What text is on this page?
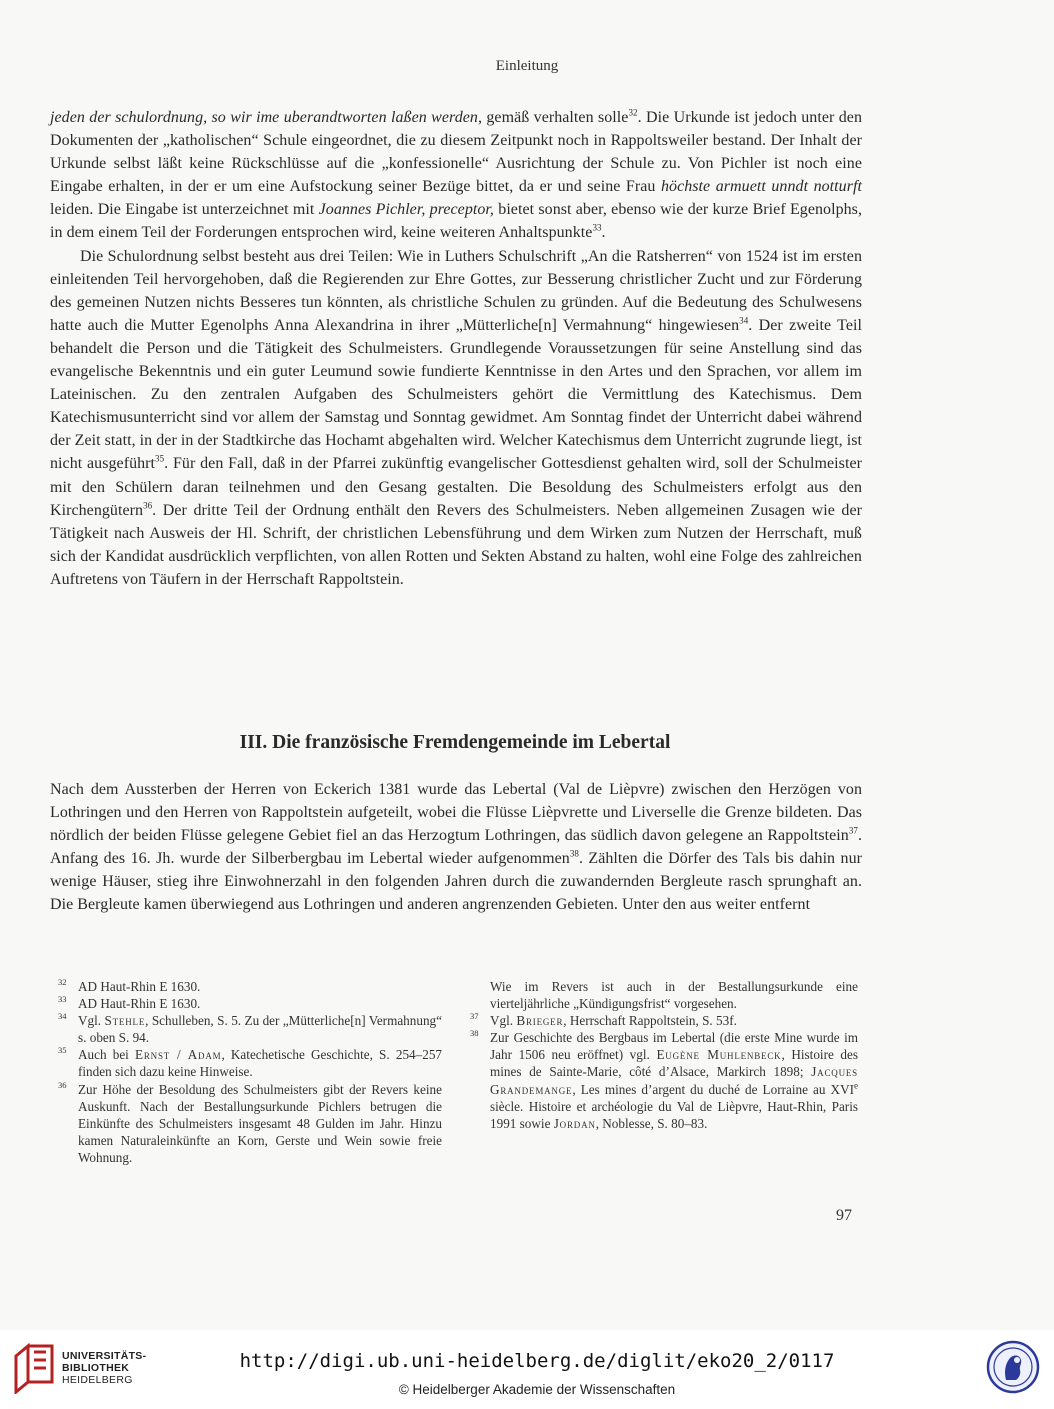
Einleitung

jeden der schulordnung, so wir ime uberandtworten laßen werden, gemäß verhalten solle$^{32}$. Die Urkunde ist jedoch unter den Dokumenten der „katholischen“ Schule eingeordnet, die zu diesem Zeitpunkt noch in Rappoltsweiler bestand. Der Inhalt der Urkunde selbst läßt keine Rückschlüsse auf die „konfessionelle“ Ausrichtung der Schule zu. Von Pichler ist noch eine Eingabe erhalten, in der er um eine Aufstockung seiner Bezüge bittet, da er und seine Frau höchste armuett unndt notturft leiden. Die Eingabe ist unterzeichnet mit Joannes Pichler, preceptor, bietet sonst aber, ebenso wie der kurze Brief Egenolphs, in dem einem Teil der Forderungen entsprochen wird, keine weiteren Anhaltspunkte$^{33}$.

Die Schulordnung selbst besteht aus drei Teilen: Wie in Luthers Schulschrift „An die Ratsherren“ von 1524 ist im ersten einleitenden Teil hervorgehoben, daß die Regierenden zur Ehre Gottes, zur Besserung christlicher Zucht und zur Förderung des gemeinen Nutzen nichts Besseres tun könnten, als christliche Schulen zu gründen. Auf die Bedeutung des Schulwesens hatte auch die Mutter Egenolphs Anna Alexandrina in ihrer „Mütterliche[n] Vermahnung“ hingewiesen$^{34}$. Der zweite Teil behandelt die Person und die Tätigkeit des Schulmeisters. Grundlegende Voraussetzungen für seine Anstellung sind das evangelische Bekenntnis und ein guter Leumund sowie fundierte Kenntnisse in den Artes und den Sprachen, vor allem im Lateinischen. Zu den zentralen Aufgaben des Schulmeisters gehört die Vermittlung des Katechismus. Dem Katechismusunterricht sind vor allem der Samstag und Sonntag gewidmet. Am Sonntag findet der Unterricht dabei während der Zeit statt, in der in der Stadtkirche das Hochamt abgehalten wird. Welcher Katechismus dem Unterricht zugrunde liegt, ist nicht ausgeführt$^{35}$. Für den Fall, daß in der Pfarrei zukünftig evangelischer Gottesdienst gehalten wird, soll der Schulmeister mit den Schülern daran teilnehmen und den Gesang gestalten. Die Besoldung des Schulmeisters erfolgt aus den Kirchengütern$^{36}$. Der dritte Teil der Ordnung enthält den Revers des Schulmeisters. Neben allgemeinen Zusagen wie der Tätigkeit nach Ausweis der Hl. Schrift, der christlichen Lebensführung und dem Wirken zum Nutzen der Herrschaft, muß sich der Kandidat ausdrücklich verpflichten, von allen Rotten und Sekten Abstand zu halten, wohl eine Folge des zahlreichen Auftretens von Täufern in der Herrschaft Rappoltstein.

III. Die französische Fremdengemeinde im Lebertal

Nach dem Aussterben der Herren von Eckerich 1381 wurde das Lebertal (Val de Lièpvre) zwischen den Herzögen von Lothringen und den Herren von Rappoltstein aufgeteilt, wobei die Flüsse Lièpvrette und Liverselle die Grenze bildeten. Das nördlich der beiden Flüsse gelegene Gebiet fiel an das Herzogtum Lothringen, das südlich davon gelegene an Rappoltstein$^{37}$. Anfang des 16. Jh. wurde der Silberbergbau im Lebertal wieder aufgenommen$^{38}$. Zählten die Dörfer des Tals bis dahin nur wenige Häuser, stieg ihre Einwohnerzahl in den folgenden Jahren durch die zuwandernden Bergleute rasch sprunghaft an. Die Bergleute kamen überwiegend aus Lothringen und anderen angrenzenden Gebieten. Unter den aus weiter entfernt

32 AD Haut-Rhin E 1630.

33 AD Haut-Rhin E 1630.

34 Vgl. Stehle, Schulleben, S. 5. Zu der „Mütterliche[n] Vermahnung“ s. oben S. 94.

35 Auch bei Ernst / Adam, Katechetische Geschichte, S. 254–257 finden sich dazu keine Hinweise.

36 Zur Höhe der Besoldung des Schulmeisters gibt der Revers keine Auskunft. Nach der Bestallungsurkunde Pichlers betrugen die Einkünfte des Schulmeisters insgesamt 48 Gulden im Jahr. Hinzu kamen Naturaleinkünfte an Korn, Gerste und Wein sowie freie Wohnung.

Wie im Revers ist auch in der Bestallungsurkunde eine vierteljährliche „Kündigungsfrist“ vorgesehen.

37 Vgl. Brieger, Herrschaft Rappoltstein, S. 53f.

38 Zur Geschichte des Bergbaus im Lebertal (die erste Mine wurde im Jahr 1506 neu eröffnet) vgl. Eugène Muhlenbeck, Histoire des mines de Sainte-Marie, côté d’Alsace, Markirch 1898; Jacques Grandemange, Les mines d’argent du duché de Lorraine au XVIe siècle. Histoire et archéologie du Val de Lièpvre, Haut-Rhin, Paris 1991 sowie Jordan, Noblesse, S. 80–83.

97
UNIVERSITÄTS-
BIBLIOTHEK
HEIDELBERG
http://digi.ub.uni-heidelberg.de/diglit/eko20_2/0117
© Heidelberger Akademie der Wissenschaften
